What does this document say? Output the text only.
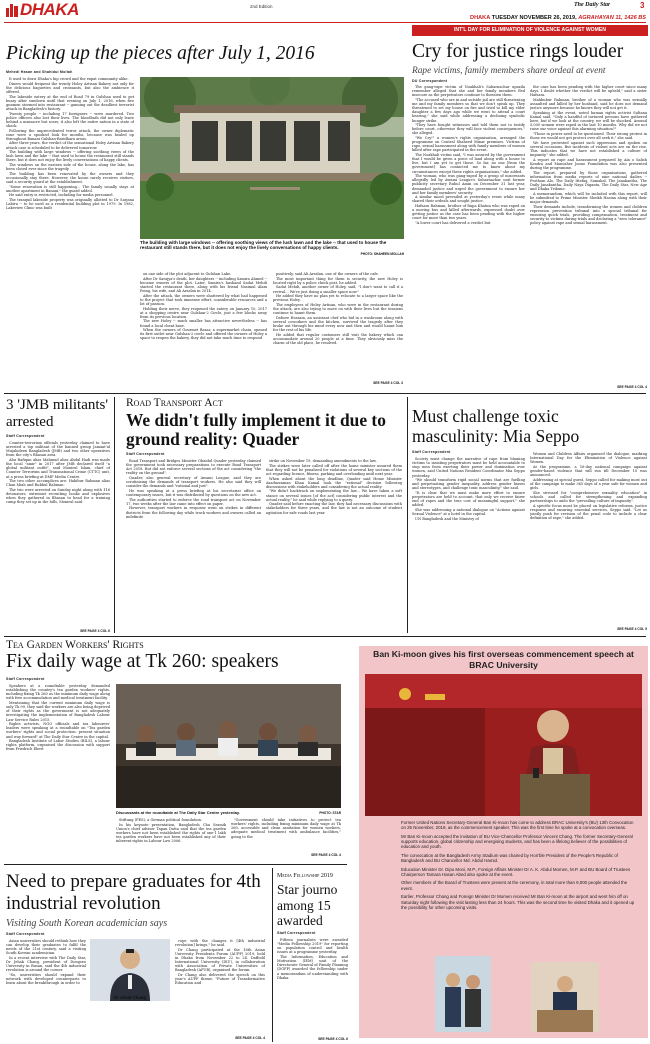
DHAKA	2nd Edition	The Daily Star	3
DHAKA TUESDAY NOVEMBER 26, 2019, AGRAHAYAN 11, 1426 BS
Picking up the pieces after July 1, 2016
Mehedi Hasan and Shahidul Mollah

It used to draw Dhaka's hip crowd and the expat community alike.

Diners would frequent the trendy Holey Artisan Bakery not only for the delicious baguettes and croissants, but also the ambience it offered.

The lakeside eatery at the end of Road 79 in Gulshan used to get buzzy after sundown until that evening on July 1, 2016, when five gunmen stormed into restaurant -- gunning out the deadliest terrorist attack in Bangladesh's history.

Twenty people -- including 17 foreigners -- were murdered. Two police officers also lost their lives. The bloodbath did not only leave behind a massacre but scars; it also left the entire nation in a state of shock.

Following the unprecedented terror attack, the owner diplomatic zone were a spooked look for months, because was healed up throughout Banani Gulshan-Baridhara areas.

After three years, the verdict of the sensational Holey Artisan Bakery attack case is scheduled to be delivered tomorrow.

The building with large windows -- offering soothing views of the lush lawn and the lake -- that used to house the restaurant still stands there, but it does not enjoy the lively conversations of happy clients.

The windows on the eastern side of the house, along the lake, has been closed ever since the tragedy.

The building has been renovated by the owners and they occasionally stay there. However, the house rarely receives visitors, said a security guard at the establishment.

"Some renovation is still happening... The family usually stays at another apartment in Banani," the guard added.

He said entry is restricted, including for media personnel.

The tranquil lakeside property was originally allotted to Dr Sarjana Labiru -- to be used as a residential building plot in 1979. In 1982, Lakeview Clinic was built

The building with large windows -- offering soothing views of the lush lawn and the lake -- that used to house the restaurant still stands there, but it does not enjoy the lively conversations of happy clients.
PHOTO: SHAHEEN MOLLAH

on one side of the plot adjacent to Gulshan Lake.

After Dr Sarajya's death, her daughters -- including Samira Ahmed -- became owners of the plot. Later, Samira's husband Sadat Mehdi started the restaurant there, along with his friend Nasimul Alam Poing, his wife, and Ali Arsalan in 2014.

After the attack, the owners were shattered by what had happened to the project that took immense effort, considerable resources and a lot of passion.

Holding their nerve, they reopened the eatery on January 10, 2017 at a shopping centre near Gulshan-2 Circle, just a few blocks away from its previous location.

The new Holey -- much smaller has attractive nevertheless -- has found a local client base.

When the owners of Gourmet Bazar, a supermarket chain, opened its first outlet near Gulshan-2 circle and offered the owners of Holey a space to reopen the bakery, they did not take much time to respond

positively, said Ali Arsalan, one of the owners of the cafe.

The most important thing for them is security, the new Holey is located right by a police check post, he added.

Sadat Mehdi, another owner of Holey, said, "I don't want to call it a revival... We're just doing a smaller space now."

He added they have no plan yet to relocate to a larger space like the previous Holey.

The employees of Holey Artisan, who were in the restaurant during the attack, are also trying to move on with their lives but the tensions continue to haunt them.

Debore Hossain, an assistant chef who hid in a washroom along with several coworkers and the kitchen, survived the tragedy after they broke out through his mind every now and then and would haunt him for the rest of his life.

He added that regular customers still visit the bakery which can accommodate around 20 people at a time. They obviously miss the charm of the old place, he resolved.

SEE PAGE 4 COL 3
INT'L DAY FOR ELIMINATION OF VIOLENCE AGAINST WOMEN
Cry for justice rings louder
Rape victims, family members share ordeal at event
DU Correspondent

The gang-rape victim of Noakhali's Subarnachar upazila remember alleged that she and her family members fled insecure as the perpetrators continue to threaten them.

"The accused who are in and outside jail are still threatening me and my family members so that we don't speak up. They threatened to set my house on fire and tried to kill my elder daughter a few days ago while we went to attend a court hearing," she said while addressing a declining symbolic hunger strike.

"They have bought witnesses and told them not to testify before court, otherwise they will face violent consequences," she alleged.

"We Cry!" a women's rights organisation, arranged the programme on Central Shaheed Minar premises. Victims of rape, sexual harassment along with family members of women killed after rape participated in the event.

The Noakhali victim said, "I was assured by the government that I would be given a piece of land along with a house to live, but I am yet to get those. So far, no one [from the government] has contacted me to know about my circumstances except these rights organisations," she added.

The woman, who was gang-raped by a group of miscreants allegedly led by Awami League's Subarnachar unit former publicity secretary Ruhul Amin on December 31 last year, demanded justice and urged the government to ensure her and her family members' security.

A similar mood prevailed at yesterday's event while many shared their ordeals and sought justice.

Hafsara Rahman, brother of Rupa Khatun who was raped on a moving bus and killed afterwards, expressed doubt over getting justice as the case has been pending with the higher court for more than two years.

"A lower court has delivered a verdict but

the case has been pending with the higher court since many days. I doubt whether the verdict will be upheld," said a sister Hafsara.

Mahbubur Rahman, brother of a woman who was sexually assaulted and killed by her husband, said he does not demand justice anymore because he knows they will not get it.

Speaking at the event, noted human rights activist Sultana Kamal said, "Only a handful of tortured persons have gathered here, but if we look at the country, we will be shocked. Around 5,000 women were raped in the last 10 months. Why did we not raise our voice against this alarming situation?"

"Those in power need to be questioned. Their strong protest in those we would not get protect over all seek it," she said.

We have protested against such oppression and spoken on several occasions. But incidents of violent acts are on the rise. This indicates that we have not established a culture of impunity," she added.

A report on rape and harassment prepared by Ain o Salish Kendra and Manusher Jonno Foundation was also presented during the programme.

The report, prepared by those organisations, gathered information from media reports of nine national dailies -- Prothom Alo, The Daily Ittefaq, Samakal, The Janakantha, The Daily Janakantha, Daily Naya Diganta, The Daily Star, New Age and Dhaka Tribune.

A memorandum, which will be included with this report, will be submitted to Prime Minister Sheikh Hasina along with their major demands.

Their demands include, transforming the women and children repression prevention tribunal into a special tribunal for ensuring quick trials, providing compensation, treatment and security to victims during trials and declaring a "zero tolerance" policy against rape and sexual harassment.

SEE PAGE 4 COL 4
3 'JMB militants' arrested
Staff Correspondent

Counter-terrorism officials yesterday claimed to have arrested a top militant of the banned group Jamaat'ul Mujahideen Bangladesh (JMB) and two other operatives from the city's Bhasan area.

Abu Rafiqun alias Mahmud alias Abdul Hadi was made the local "amir" in 2017 after JMB declared itself "a global militant outfit", said Monirul Islam, chief of Counter Terrorism and Transnational Crime (CTTC) unit, at a press briefing at DMP Media Centre.

The two other accomplices are: Habibur Rahman alias Chan Miah and Rubbul Rahman.

The trio were arrested on Sunday night along with 116 detonators, extremist recruiting books and explosives when they gathered in Bhasan to head for a training camp they set up in the hills, Monirul said.

SEE PAGE 4 COL 6
Road Transport Act
We didn't fully implement it due to ground reality: Quader
Staff Correspondent

Road Transport and Bridges Minister Obaidul Quader yesterday claimed the government took necessary preparations to execute Road Transport Act 2018. But did not enforce several sections of the act considering "the reality on the ground".

Quader, also general secretary of Awami League, said they are scrutinising the demands of transport workers. He also said they will consider the demands and "rational and just".

He was speaking at a press briefing at his secretariat office on contemporary issues, but it was distributed by questions on the new act.

The authorities started to enforce the road transport act on November 17, two weeks after the law came into effect on paper.

However, transport workers in response went on strikes in different districts from the following day while truck workers and owners called an indefinite

strike on November 19, demanding amendments to the law.

The strikes were later called off after the home minister assured them that they will not be penalised for violations of several key sections of the act regarding licence, fitness, parking and overloading until next year.

When asked about the long deadline, Quader said Home Minister Asaduzzaman Khan Kamal took the "rational" decision following discussions with stakeholders and considering the actual reality.

"We didn't backtrack on implementing the law... We have taken a soft stance on several issues [of the act] considering public interest and the actual reality," he said while replying to a query.

Quader said before enacting the law, they had necessary discussions with stakeholders for three years, and the law is not an outcome of student agitation for safe roads last year.

Must challenge toxic masculinity: Mia Seppo
Staff Correspondent

Society must change the narrative of rape from blaming victims to insisting perpetrators must be held accountable to stop men from exerting their power and domination over women, said United Nations Resident Coordinator Mia Seppo yesterday.

"We should transform rigid social norms that are fuelling and perpetuating gender inequality, address gender biases and stereotypes, and challenge toxic masculinity," she said.

"It is clear that we must make more effort to ensure perpetrators are held to account, that only we receive fairer end of rapes and the true cost of meaningful support," she added.

She was addressing a national dialogue on "Actions against Sexual Violence" at a hotel in the capital.

UN Bangladesh and the Ministry of

Women and Children Affairs organised the dialogue, marking International Day for the Elimination of Violence against Women.

At the programme, a 16-day national campaign against gender-based violence that will run till December 10 was announced.

Addressing at special guest, Seppo called for making most out of the campaign to make 365 days of a year safe for women and girls.

She stressed for "comprehensive sexuality education" in schools and called for strengthening and expanding partnerships to undo the "prevailing culture of impunity".

A specific focus must be placed on legislative reforms, justice response and ensuring essential services, Seppo said. "Let us jointly push for revision of the penal code to include a clear definition of rape," she added.

SEE PAGE 4 COL 5
Tea Garden Workers' Rights
Fix daily wage at Tk 260: speakers
Staff Correspondent

Speakers at a roundtable yesterday demanded establishing the country's tea garden workers' rights, including fixing Tk 260 as the minimum daily wage along with free accommodation and medical treatment facility.

Mentioning that the current minimum daily wage is only Tk 99, they said the workers are also being deprived of their rights as the government is not adequately investigating the implementation of Bangladesh Labour Law Service Rules 2015.

Rights activists, NGO officials and tea labourers' leaders were speaking at a roundtable on "Tea garden workers' rights and social protection: present situation and way forward" at The Daily Star Centre in the capital.

Bangladesh Institute of Labor Studies (BILS), a labour rights platform, organised the discussion with support from Friedrich Ebert

Discussants at the roundtable at The Daily Star Centre yesterday.	PHOTO: STAR

Stiftung (FES), a German political foundation.

In his keynote presentation, Bangladesh Cha Sramik Union's chief adviser Tapan Datta said that the tea garden workers have not been established the rights of one-1 lakh tea garden workers have not been established any of their inherent rights in Labour Law 2006.

"Government should take initiatives to protect tea workers' rights, including fixing minimum daily wage at Tk 260, accessible and clean sanitation for women workers, adequate medical treatment with ambulance facilities," going to the

SEE PAGE 4 COL 4
Ban Ki-moon gives his first overseas commencement speech at BRAC University

Former United Nations Secretary-General Ban Ki-moon has come to address BRAC University's (BU) 13th Convocation on 25 November, 2019, as the commencement speaker. This was the first time he spoke at a convocation overseas.

Mr Ban Ki-moon accepted the invitation of BU Vice-Chancellor Professor Vincent Chang. The former Secretary-General supports education, global citizenship and energising students, and has been a lifelong believer of the possibilities of education and youth.

The convocation at the Bangladesh Army Stadium was chaired by Hon'ble President of the People's Republic of Bangladesh and BU Chancellor Md. Abdul Hamid.

Education Minister Dr. Dipu Moni, M.P., Foreign Affairs Minister Dr A. K. Abdul Momen, M.P. and BU Board of Trustees Chairperson Tamara Hasan Abed also spoke at the event.

Other members of the Board of Trustees were present at the ceremony, in total more than 9,000 people attended the event.

Earlier, Professor Chang and Foreign Minister Dr Momen received Mr Ban Ki-moon at the airport and went him off on Saturday night following the visit lasting less than 24 hours. This was the second time he visited Dhaka and it opened up the possibility for other upcoming visits.

Need to prepare graduates for 4th industrial revolution
Visiting South Korean academician says
Staff Correspondent

Asian universities should rethink how they can develop their graduates to fulfil the needs of the 21st century, said a visiting South Korean academician.

In a recent interview with The Daily Star, Dr Jehak Chang, president of Dongseo University in Busan, said the 4th industrial revolution is around the corner.

"So, universities should expand their network with developed counterparts to learn about the breakthrough in order to

Dr Jehak Chang

cope with the changes it [4th industrial revolution] brings," he said.

Dr Chang participated at the 16th Asian University Presidents Forum (AUPF) 2019, held in Dhaka from November 22 to 24. Daffodil International University (DIU), in collaboration with Association of Private Universities of Bangladesh (APUB), organised the forum.

Dr Chang also delivered the speech on this year's AUPF theme, "Future of Transformative Education and

SEE PAGE 4 COL 4
Media Fellowship 2019
Star journo among 15 awarded
Staff Correspondent

Fifteen journalists were awarded "Media Fellowship 2019" for reporting on population control and health issues at a programme yesterday.

The Information, Education and Motivation (IEM) unit of the Directorate General of Family Planning (DGFP) awarded the fellowship under a memorandum of understanding with Dhaka

SEE PAGE 4 COL 6
